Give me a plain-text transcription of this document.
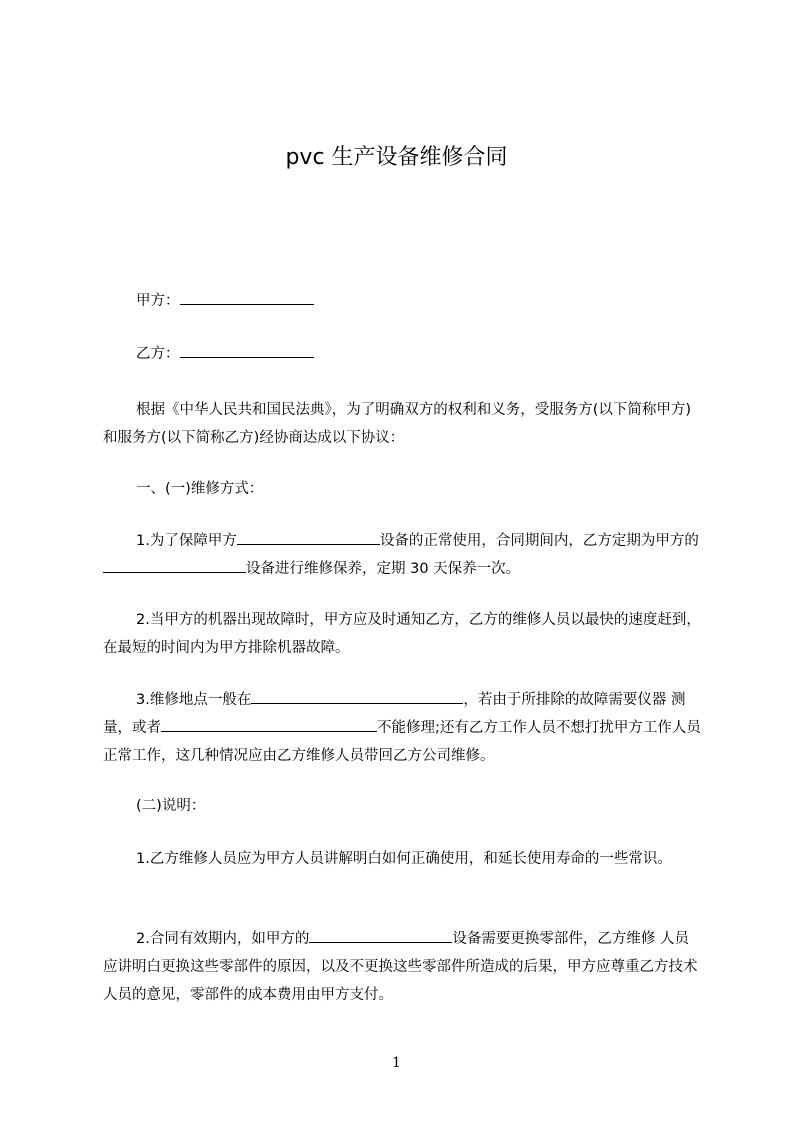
pvc 生产设备维修合同

甲方：

乙方：

根据《中华人民共和国民法典》，为了明确双方的权利和义务，受服务方(以下简称甲方)和服务方(以下简称乙方)经协商达成以下协议：

一、(一)维修方式：

1.为了保障甲方	设备的正常使用，合同期间内，乙方定期为甲方的设备进行维修保养，定期 30 天保养一次。

2.当甲方的机器出现故障时，甲方应及时通知乙方，乙方的维修人员以最快的速度赶到，在最短的时间内为甲方排除机器故障。

3.维修地点一般在	，若由于所排除的故障需要仪器 测量，或者	不能修理;还有乙方工作人员不想打扰甲方工作人员正常工作，这几种情况应由乙方维修人员带回乙方公司维修。

(二)说明：

1.乙方维修人员应为甲方人员讲解明白如何正确使用，和延长使用寿命的一些常识。

2.合同有效期内，如甲方的	设备需要更换零部件，乙方维修 人员应讲明白更换这些零部件的原因，以及不更换这些零部件所造成的后果，甲方应尊重乙方技术人员的意见，零部件的成本费用由甲方支付。

1
